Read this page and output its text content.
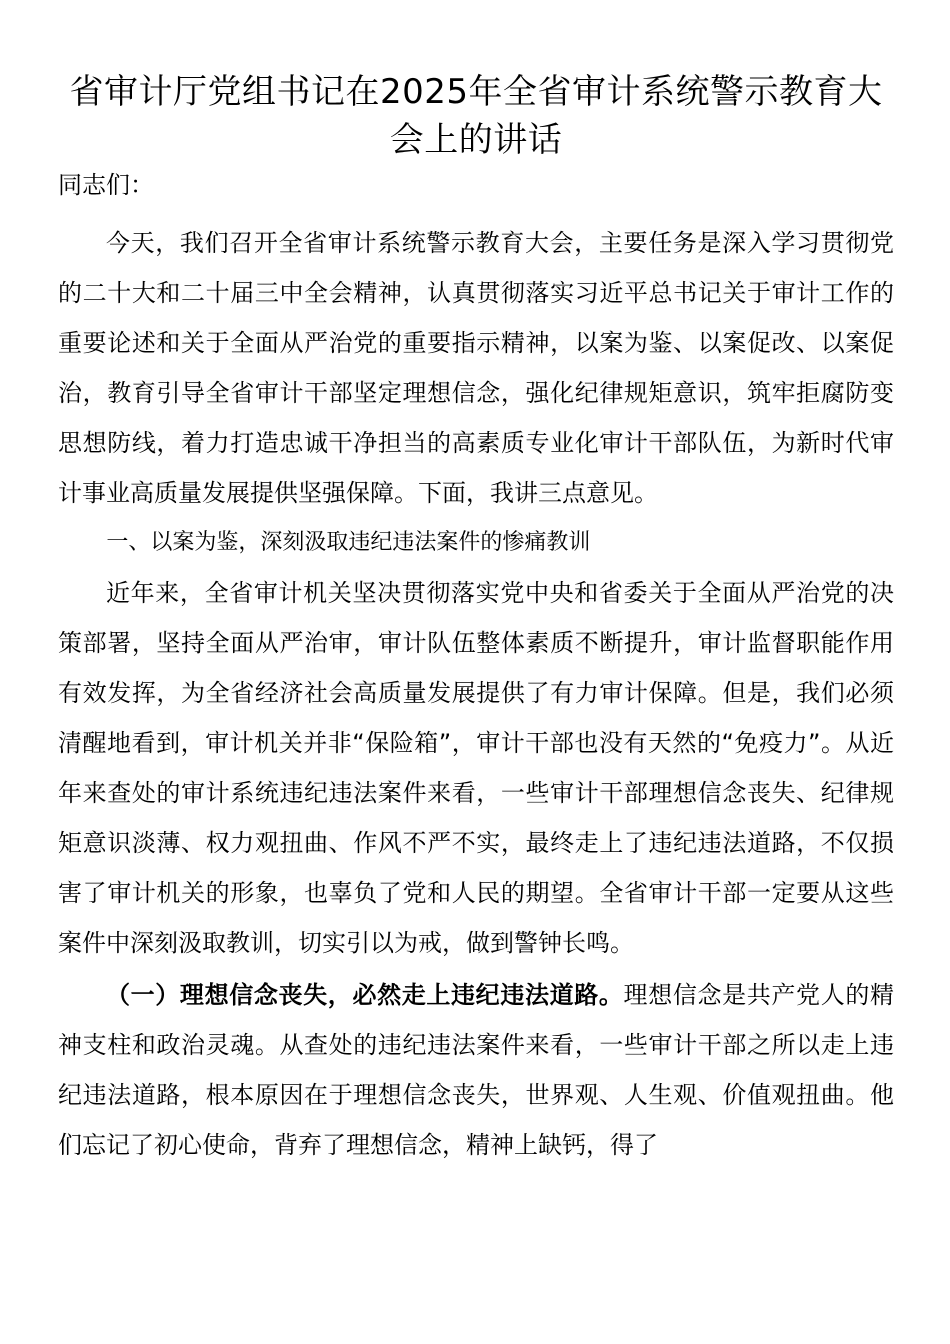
省审计厅党组书记在2025年全省审计系统警示教育大会上的讲话

同志们：

今天，我们召开全省审计系统警示教育大会，主要任务是深入学习贯彻党的二十大和二十届三中全会精神，认真贯彻落实习近平总书记关于审计工作的重要论述和关于全面从严治党的重要指示精神，以案为鉴、以案促改、以案促治，教育引导全省审计干部坚定理想信念，强化纪律规矩意识，筑牢拒腐防变思想防线，着力打造忠诚干净担当的高素质专业化审计干部队伍，为新时代审计事业高质量发展提供坚强保障。下面，我讲三点意见。

一、以案为鉴，深刻汲取违纪违法案件的惨痛教训

近年来，全省审计机关坚决贯彻落实党中央和省委关于全面从严治党的决策部署，坚持全面从严治审，审计队伍整体素质不断提升，审计监督职能作用有效发挥，为全省经济社会高质量发展提供了有力审计保障。但是，我们必须清醒地看到，审计机关并非“保险箱”，审计干部也没有天然的“免疫力”。从近年来查处的审计系统违纪违法案件来看，一些审计干部理想信念丧失、纪律规矩意识淡薄、权力观扭曲、作风不严不实，最终走上了违纪违法道路，不仅损害了审计机关的形象，也辜负了党和人民的期望。全省审计干部一定要从这些案件中深刻汲取教训，切实引以为戒，做到警钟长鸣。

（一）理想信念丧失，必然走上违纪违法道路。理想信念是共产党人的精神支柱和政治灵魂。从查处的违纪违法案件来看，一些审计干部之所以走上违纪违法道路，根本原因在于理想信念丧失，世界观、人生观、价值观扭曲。他们忘记了初心使命，背弃了理想信念，精神上缺钙，得了
